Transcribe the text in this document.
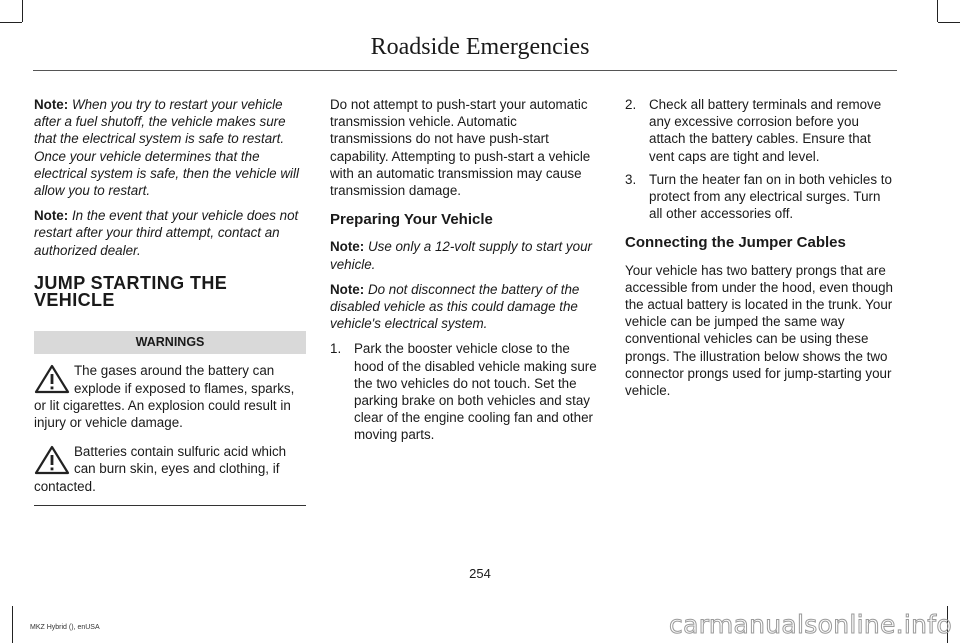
Roadside Emergencies

Note: When you try to restart your vehicle after a fuel shutoff, the vehicle makes sure that the electrical system is safe to restart. Once your vehicle determines that the electrical system is safe, then the vehicle will allow you to restart.

Note: In the event that your vehicle does not restart after your third attempt, contact an authorized dealer.

JUMP STARTING THE VEHICLE
WARNINGS
The gases around the battery can explode if exposed to flames, sparks, or lit cigarettes. An explosion could result in injury or vehicle damage.
Batteries contain sulfuric acid which can burn skin, eyes and clothing, if contacted.

Do not attempt to push-start your automatic transmission vehicle. Automatic transmissions do not have push-start capability. Attempting to push-start a vehicle with an automatic transmission may cause transmission damage.

Preparing Your Vehicle

Note: Use only a 12-volt supply to start your vehicle.

Note: Do not disconnect the battery of the disabled vehicle as this could damage the vehicle's electrical system.

1. Park the booster vehicle close to the hood of the disabled vehicle making sure the two vehicles do not touch. Set the parking brake on both vehicles and stay clear of the engine cooling fan and other moving parts.
2. Check all battery terminals and remove any excessive corrosion before you attach the battery cables. Ensure that vent caps are tight and level.
3. Turn the heater fan on in both vehicles to protect from any electrical surges. Turn all other accessories off.
Connecting the Jumper Cables

Your vehicle has two battery prongs that are accessible from under the hood, even though the actual battery is located in the trunk. Your vehicle can be jumped the same way conventional vehicles can be using these prongs. The illustration below shows the two connector prongs used for jump-starting your vehicle.

254
MKZ Hybrid (), enUSA	carmanualsonline.info
